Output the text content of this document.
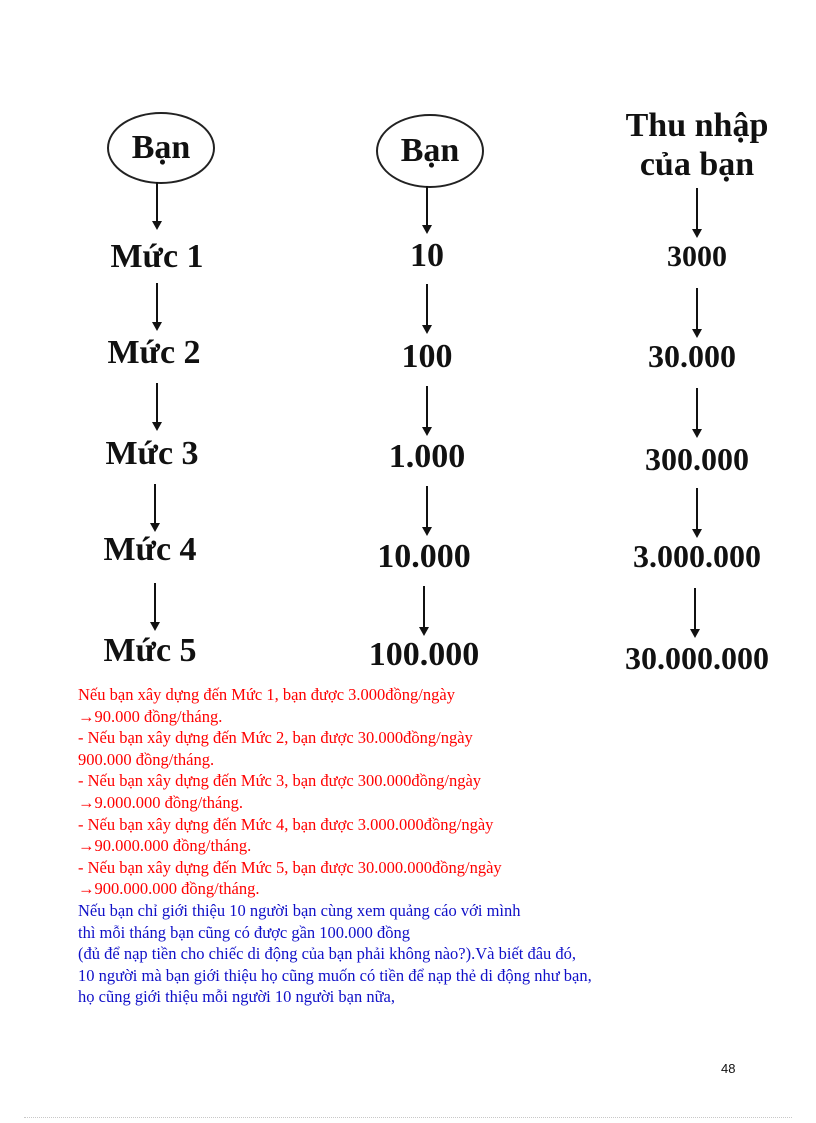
Bạn
Mức 1
Mức 2
Mức 3
Mức 4
Mức 5
Bạn
10
100
1.000
10.000
100.000
Thu nhập
của bạn
3000
30.000
300.000
3.000.000
30.000.000
Nếu bạn xây dựng đến Mức 1, bạn được 3.000đồng/ngày
→90.000 đồng/tháng.
- Nếu bạn xây dựng đến Mức 2, bạn được 30.000đồng/ngày
900.000 đồng/tháng.
- Nếu bạn xây dựng đến Mức 3, bạn được 300.000đồng/ngày
→9.000.000 đồng/tháng.
- Nếu bạn xây dựng đến Mức 4, bạn được 3.000.000đồng/ngày
→90.000.000 đồng/tháng.
- Nếu bạn xây dựng đến Mức 5, bạn được 30.000.000đồng/ngày
→900.000.000 đồng/tháng.
Nếu bạn chỉ giới thiệu 10 người bạn cùng xem quảng cáo với mình
thì mỗi tháng bạn cũng có được gần 100.000 đồng
(đủ để nạp tiền cho chiếc di động của bạn phải không nào?).Và biết đâu đó,
10 người mà bạn giới thiệu họ cũng muốn có tiền để nạp thẻ di động như bạn,
họ cũng giới thiệu mỗi người 10 người bạn nữa,
48
